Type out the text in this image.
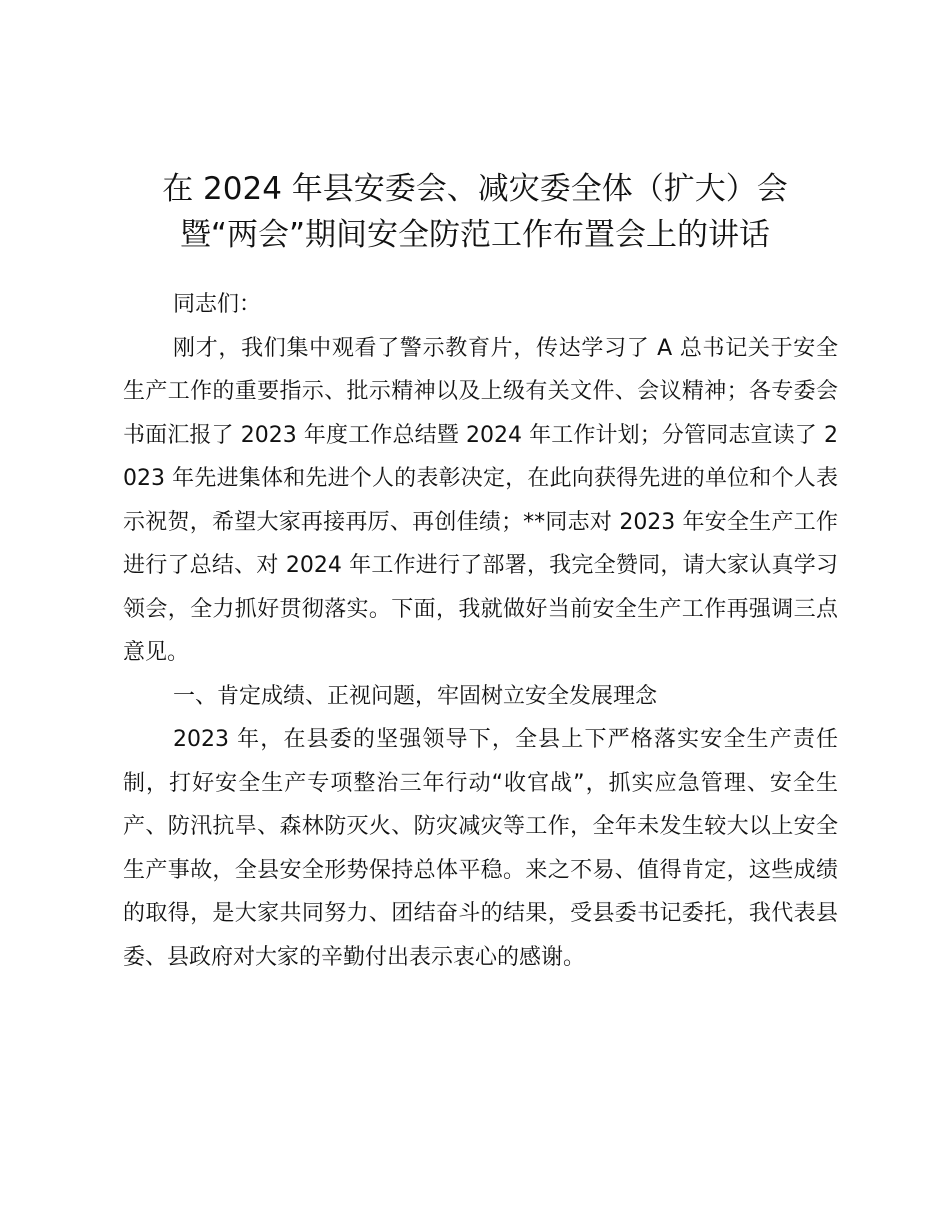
在 2024 年县安委会、减灾委全体（扩大）会
暨“两会”期间安全防范工作布置会上的讲话

同志们：

刚才，我们集中观看了警示教育片，传达学习了 A 总书记关于安全生产工作的重要指示、批示精神以及上级有关文件、会议精神；各专委会书面汇报了 2023 年度工作总结暨 2024 年工作计划；分管同志宣读了 2023 年先进集体和先进个人的表彰决定，在此向获得先进的单位和个人表示祝贺，希望大家再接再厉、再创佳绩；**同志对 2023 年安全生产工作进行了总结、对 2024 年工作进行了部署，我完全赞同，请大家认真学习领会，全力抓好贯彻落实。下面，我就做好当前安全生产工作再强调三点意见。

一、肯定成绩、正视问题，牢固树立安全发展理念

2023 年，在县委的坚强领导下，全县上下严格落实安全生产责任制，打好安全生产专项整治三年行动“收官战”，抓实应急管理、安全生产、防汛抗旱、森林防灭火、防灾减灾等工作，全年未发生较大以上安全生产事故，全县安全形势保持总体平稳。来之不易、值得肯定，这些成绩的取得，是大家共同努力、团结奋斗的结果，受县委书记委托，我代表县委、县政府对大家的辛勤付出表示衷心的感谢。
